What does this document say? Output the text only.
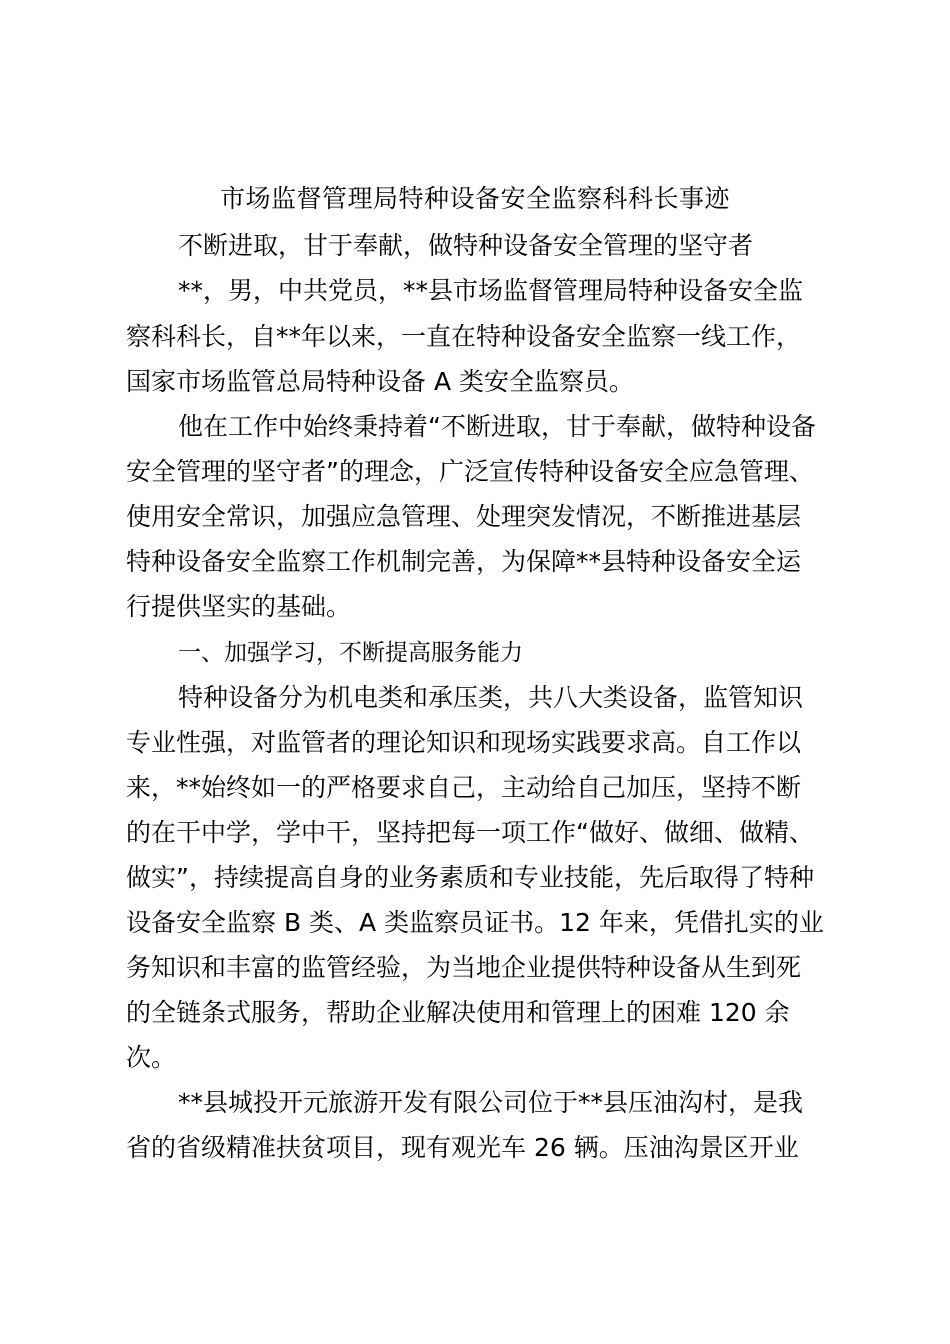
市场监督管理局特种设备安全监察科科长事迹
不断进取，甘于奉献，做特种设备安全管理的坚守者
**，男，中共党员，**县市场监督管理局特种设备安全监
察科科长，自**年以来，一直在特种设备安全监察一线工作，
国家市场监管总局特种设备 A 类安全监察员。
他在工作中始终秉持着“不断进取，甘于奉献，做特种设备
安全管理的坚守者”的理念，广泛宣传特种设备安全应急管理、
使用安全常识，加强应急管理、处理突发情况，不断推进基层
特种设备安全监察工作机制完善，为保障**县特种设备安全运
行提供坚实的基础。
一、加强学习，不断提高服务能力
特种设备分为机电类和承压类，共八大类设备，监管知识
专业性强，对监管者的理论知识和现场实践要求高。自工作以
来，**始终如一的严格要求自己，主动给自己加压，坚持不断
的在干中学，学中干，坚持把每一项工作“做好、做细、做精、
做实”，持续提高自身的业务素质和专业技能，先后取得了特种
设备安全监察 B 类、A 类监察员证书。12 年来，凭借扎实的业
务知识和丰富的监管经验，为当地企业提供特种设备从生到死
的全链条式服务，帮助企业解决使用和管理上的困难 120 余
次。
**县城投开元旅游开发有限公司位于**县压油沟村，是我
省的省级精准扶贫项目，现有观光车 26 辆。压油沟景区开业
